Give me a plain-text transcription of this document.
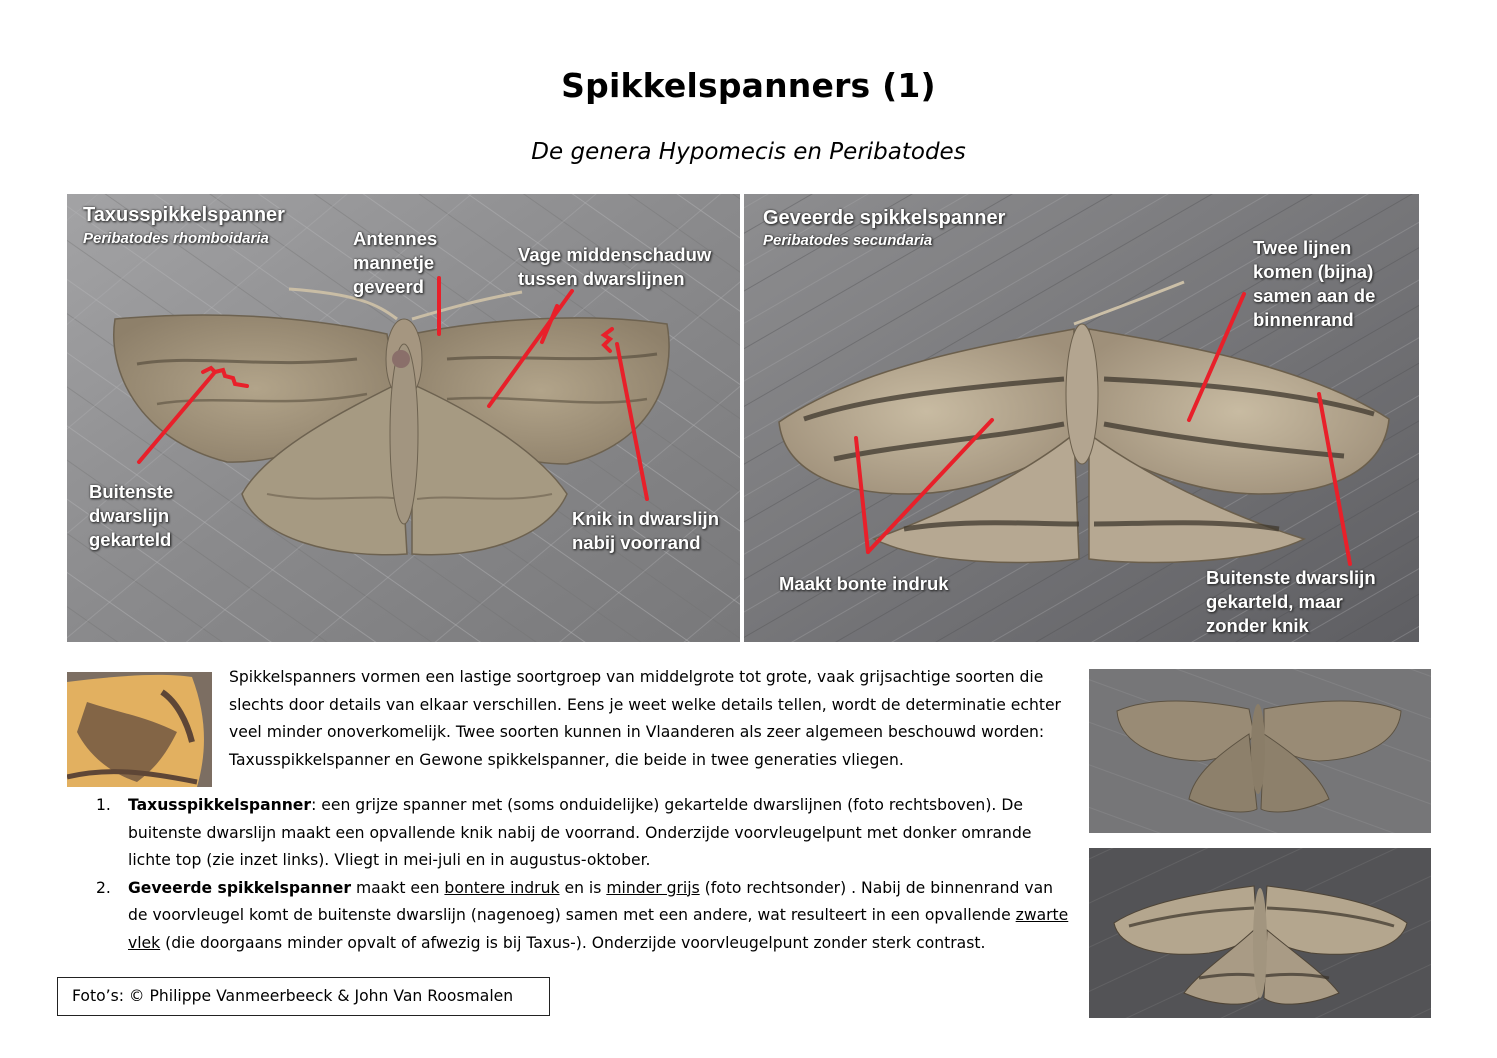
Spikkelspanners (1)
De genera Hypomecis en Peribatodes
Taxusspikkelspanner
Peribatodes rhomboidaria	Antennes
mannetje
geveerd
Vage middenschaduw
tussen dwarslijnen
Buitenste
dwarslijn
gekarteld
Knik in dwarslijn
nabij voorrand
Geveerde spikkelspanner
Peribatodes secundaria	Twee lijnen
komen (bijna)
samen aan de
binnenrand
Maakt bonte indruk	Buitenste dwarslijn
gekarteld, maar
zonder knik
Spikkelspanners vormen een lastige soortgroep van middelgrote tot grote, vaak grijsachtige soorten die slechts door details van elkaar verschillen. Eens je weet welke details tellen, wordt de determinatie echter veel minder onoverkomelijk. Twee soorten kunnen in Vlaanderen als zeer algemeen beschouwd worden: Taxusspikkelspanner en Gewone spikkelspanner, die beide in twee generaties vliegen.
1. Taxusspikkelspanner: een grijze spanner met (soms onduidelijke) gekartelde dwarslijnen (foto rechtsboven). De buitenste dwarslijn maakt een opvallende knik nabij de voorrand. Onderzijde voorvleugelpunt met donker omrande lichte top (zie inzet links). Vliegt in mei-juli en in augustus-oktober.
2. Geveerde spikkelspanner maakt een bontere indruk en is minder grijs (foto rechtsonder) . Nabij de binnenrand van de voorvleugel komt de buitenste dwarslijn (nagenoeg) samen met een andere, wat resulteert in een opvallende zwarte vlek (die doorgaans minder opvalt of afwezig is bij Taxus-). Onderzijde voorvleugelpunt zonder sterk contrast.
Foto’s: © Philippe Vanmeerbeeck & John Van Roosmalen
